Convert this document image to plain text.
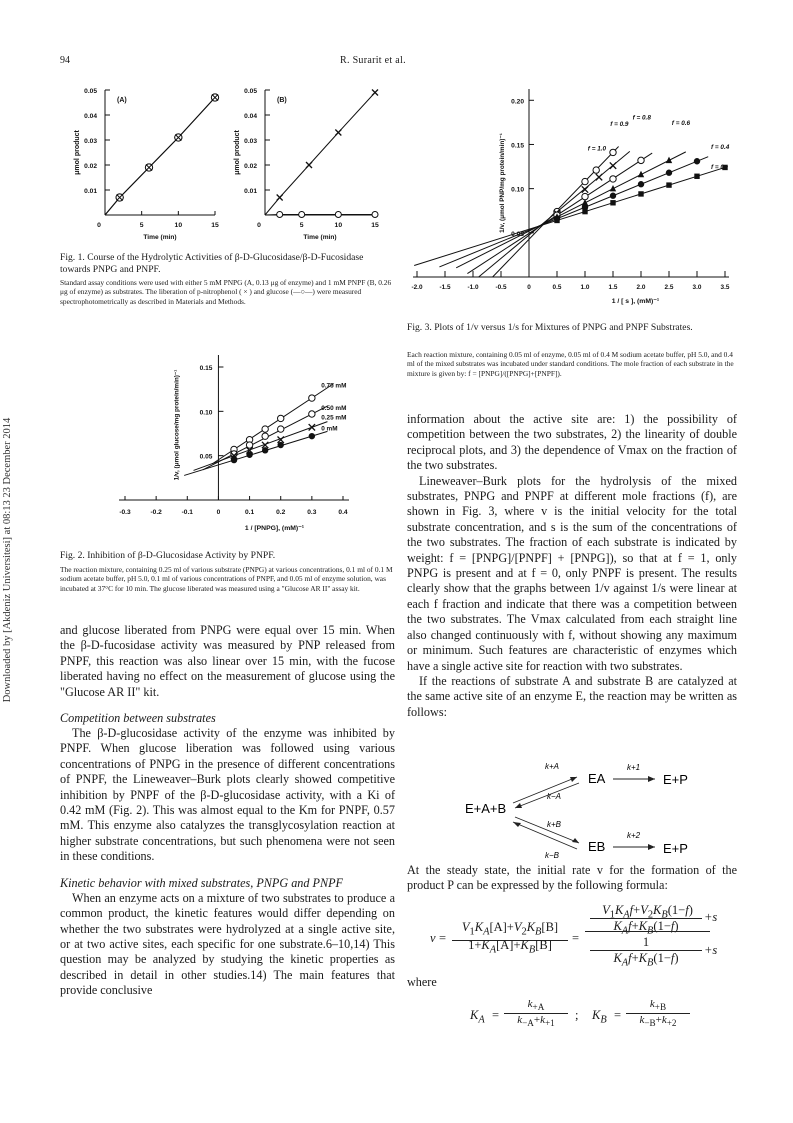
94	R. Surarit et al.
Downloaded by [Akdeniz Universitesi] at 08:13 23 December 2014
0.01
0.02
0.03
0.04
0.05
0	5	10	15
(A)
Time (min)
μmol product
0.01
0.02
0.03
0.04
0.05
0	5	10	15
(B)
Time (min)
μmol product
Fig. 1. Course of the Hydrolytic Activities of β-D-Glucosidase/β-D-Fucosidase towards PNPG and PNPF.
Standard assay conditions were used with either 5 mM PNPG (A, 0.13 μg of enzyme) and 1 mM PNPF (B, 0.26 μg of enzyme) as substrates. The liberation of p-nitrophenol ( × ) and glucose (—○—) were measured spectrophotometrically as described in Materials and Methods.
-2.0	-1.5	-1.0	-0.5	0	0.5	1.0	1.5	2.0	2.5	3.0	3.5
0.20
0.15
0.10
1 / [ s ], (mM)⁻¹
1/v, (μmol PNP/mg protein/min)⁻¹	f = 1.0
f = 0.9
f = 0.8
f = 0.6
f = 0.4
f = 0
Fig. 3. Plots of 1/v versus 1/s for Mixtures of PNPG and PNPF Substrates.
Each reaction mixture, containing 0.05 ml of enzyme, 0.05 ml of 0.4 M sodium acetate buffer, pH 5.0, and 0.4 ml of the mixed substrates was incubated under standard conditions. The mole fraction of each substrate in the mixture is given by: f = [PNPG]/([PNPG]+[PNPF]).
-0.3	-0.2	-0.1	0	0.1	0.2	0.3	0.4
0.15
0.10
0.05
1 / [PNPG], (mM)⁻¹
1/v, (μmol glucose/mg protein/min)⁻¹	0.75 mM
0.50 mM
0.25 mM
0 mM
Fig. 2. Inhibition of β-D-Glucosidase Activity by PNPF.
The reaction mixture, containing 0.25 ml of various substrate (PNPG) at various concentrations, 0.1 ml of 0.1 M sodium acetate buffer, pH 5.0, 0.1 ml of various concentrations of PNPF, and 0.05 ml of enzyme solution, was incubated at 37°C for 10 min. The glucose liberated was measured using a "Glucose AR II" assay kit.

and glucose liberated from PNPG were equal over 15 min. When the β-D-fucosidase activity was measured by PNP released from PNPF, this reaction was also linear over 15 min, with the fucose liberated having no effect on the measurement of glucose using the "Glucose AR II" kit.

Competition between substrates

The β-D-glucosidase activity of the enzyme was inhibited by PNPF. When glucose liberation was followed using various concentrations of PNPG in the presence of different concentrations of PNPF, the Lineweaver–Burk plots clearly showed competitive inhibition by PNPF of the β-D-glucosidase activity, with a Ki of 0.42 mM (Fig. 2). This was almost equal to the Km for PNPF, 0.57 mM. This enzyme also catalyzes the transglycosylation reaction at higher substrate concentrations, but such phenomena were not seen in these conditions.

Kinetic behavior with mixed substrates, PNPG and PNPF

When an enzyme acts on a mixture of two substrates to produce a common product, the kinetic features would differ depending on whether the two substrates were hydrolyzed at a single active site, or at two active sites, each specific for one substrate.6–10,14) This question may be analyzed by studying the kinetic properties as described in detail in other studies.14) The main features that provide conclusive

information about the active site are: 1) the possibility of competition between the two substrates, 2) the linearity of double reciprocal plots, and 3) the dependence of Vmax on the fraction of the two substrates.

Lineweaver–Burk plots for the hydrolysis of the mixed substrates, PNPG and PNPF at different mole fractions (f), are shown in Fig. 3, where v is the initial velocity for the total substrate concentration, and s is the sum of the concentrations of the two substrates. The fraction of each substrate is indicated by weight: f = [PNPG]/[PNPF] + [PNPG]), so that at f = 1, only PNPG is present and at f = 0, only PNPF is present. The results clearly show that the graphs between 1/v against 1/s were linear at each f fraction and indicate that there was a competition between the two substrates. The Vmax calculated from each straight line also changed continuously with f, without showing any maximum or minimum. Such features are characteristic of enzymes which have a single active site for reaction with two substrates.

If the reactions of substrate A and substrate B are catalyzed at the same active site of an enzyme E, the reaction may be written as follows:

E+A+B
k+A
k−A
EA
k+1
E+P
k+B
k−B
EB
k+2
E+P
At the steady state, the initial rate v for the formation of the product P can be expressed by the following formula:
v =
$V_1K_A[A]+V_2K_B[B]$
$1+K_A[A]+K_B[B]$	=
$V_1K_Af+V_2K_B(1-f)$
$K_Af+K_B(1-f)$
+s
1
$K_Af+K_B(1-f)$
+s
where
$K_A$ =
$k_{+A}$
$k_{-A}+k_{+1}$
; $K_B$ =
$k_{+B}$
$k_{-B}+k_{+2}$
